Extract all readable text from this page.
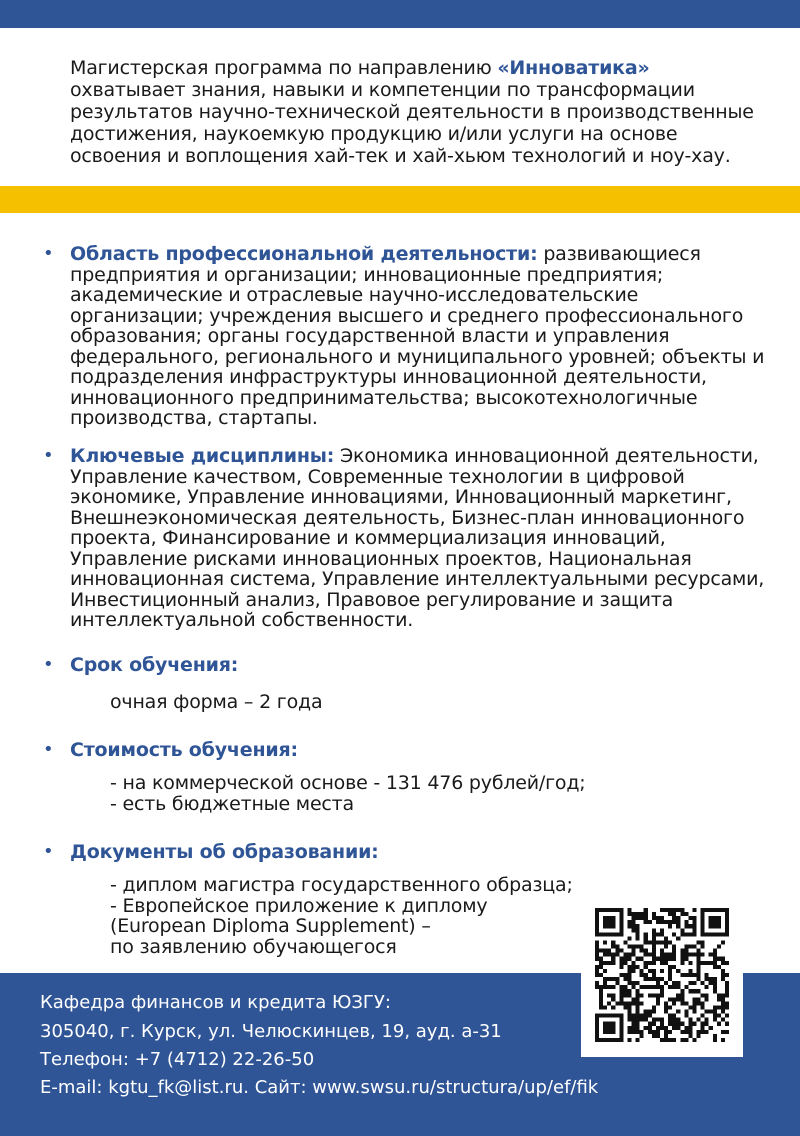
Магистерская программа по направлению «Инноватика» охватывает знания, навыки и компетенции по трансформации результатов научно-технической деятельности в производственные достижения, наукоемкую продукцию и/или услуги на основе освоения и воплощения хай-тек и хай-хьюм технологий и ноу-хау.
• Область профессиональной деятельности: развивающиеся предприятия и организации; инновационные предприятия; академические и отраслевые научно-исследовательские организации; учреждения высшего и среднего профессионального образования; органы государственной власти и управления федерального, регионального и муниципального уровней; объекты и подразделения инфраструктуры инновационной деятельности, инновационного предпринимательства; высокотехнологичные производства, стартапы.
• Ключевые дисциплины: Экономика инновационной деятельности, Управление качеством, Современные технологии в цифровой экономике, Управление инновациями, Инновационный маркетинг, Внешнеэкономическая деятельность, Бизнес-план инновационного проекта, Финансирование и коммерциализация инноваций, Управление рисками инновационных проектов, Национальная инновационная система, Управление интеллектуальными ресурсами, Инвестиционный анализ, Правовое регулирование и защита интеллектуальной собственности.
• Срок обучения:
очная форма – 2 года
• Стоимость обучения:
- на коммерческой основе - 131 476 рублей/год;
- есть бюджетные места
• Документы об образовании:
- диплом магистра государственного образца;
- Европейское приложение к диплому
(European Diploma Supplement) –
по заявлению обучающегося
Кафедра финансов и кредита ЮЗГУ:
305040, г. Курск, ул. Челюскинцев, 19, ауд. а-31
Телефон: +7 (4712) 22-26-50
E-mail: kgtu_fk@list.ru. Сайт: www.swsu.ru/structura/up/ef/fik
